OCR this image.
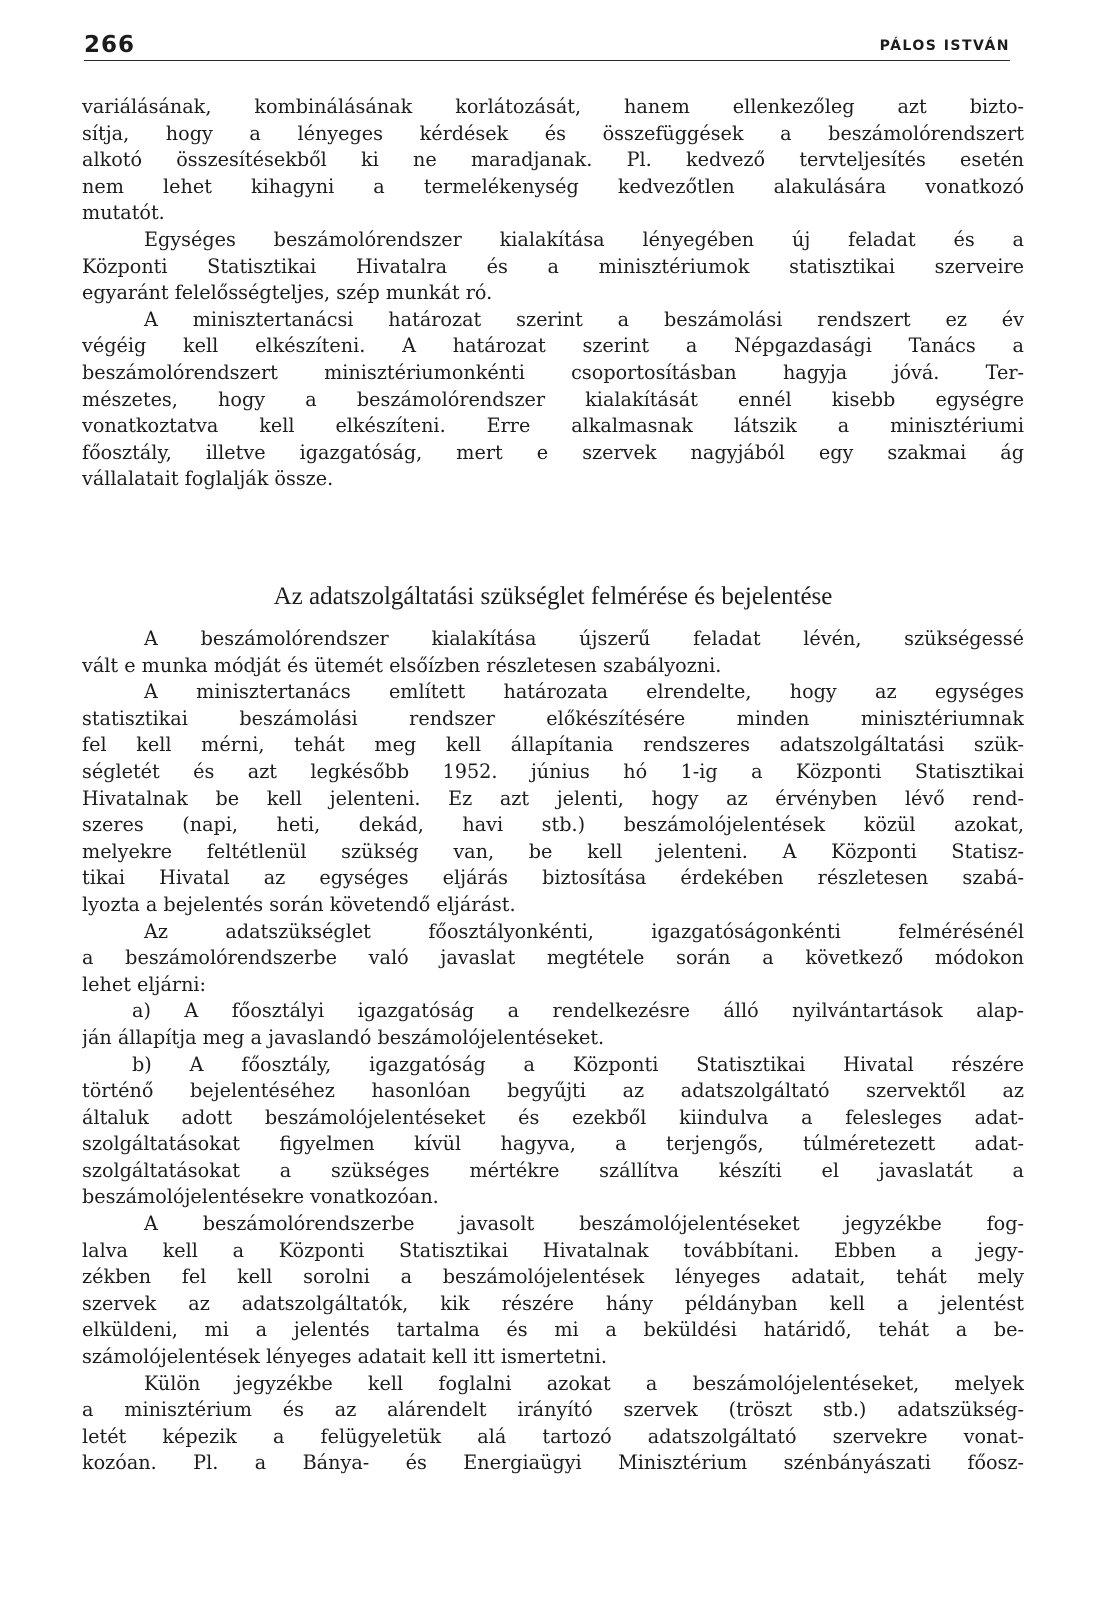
266	PÁLOS ISTVÁN
variálásának, kombinálásának korlátozását, hanem ellenkezőleg azt bizto-
sítja, hogy a lényeges kérdések és összefüggések a beszámolórendszert
alkotó összesítésekből ki ne maradjanak. Pl. kedvező tervteljesítés esetén
nem lehet kihagyni a termelékenység kedvezőtlen alakulására vonatkozó
mutatót.
Egységes beszámolórendszer kialakítása lényegében új feladat és a
Központi Statisztikai Hivatalra és a minisztériumok statisztikai szerveire
egyaránt felelősségteljes, szép munkát ró.
A minisztertanácsi határozat szerint a beszámolási rendszert ez év
végéig kell elkészíteni. A határozat szerint a Népgazdasági Tanács a
beszámolórendszert minisztériumonkénti csoportosításban hagyja jóvá. Ter-
mészetes, hogy a beszámolórendszer kialakítását ennél kisebb egységre
vonatkoztatva kell elkészíteni. Erre alkalmasnak látszik a minisztériumi
főosztály, illetve igazgatóság, mert e szervek nagyjából egy szakmai ág
vállalatait foglalják össze.
Az adatszolgáltatási szükséglet felmérése és bejelentése
A beszámolórendszer kialakítása újszerű feladat lévén, szükségessé
vált e munka módját és ütemét elsőízben részletesen szabályozni.
A minisztertanács említett határozata elrendelte, hogy az egységes
statisztikai beszámolási rendszer előkészítésére minden minisztériumnak
fel kell mérni, tehát meg kell állapítania rendszeres adatszolgáltatási szük-
ségletét és azt legkésőbb 1952. június hó 1-ig a Központi Statisztikai
Hivatalnak be kell jelenteni. Ez azt jelenti, hogy az érvényben lévő rend-
szeres (napi, heti, dekád, havi stb.) beszámolójelentések közül azokat,
melyekre feltétlenül szükség van, be kell jelenteni. A Központi Statisz-
tikai Hivatal az egységes eljárás biztosítása érdekében részletesen szabá-
lyozta a bejelentés során követendő eljárást.
Az adatszükséglet főosztályonkénti, igazgatóságonkénti felmérésénél
a beszámolórendszerbe való javaslat megtétele során a következő módokon
lehet eljárni:
a) A főosztályi igazgatóság a rendelkezésre álló nyilvántartások alap-
ján állapítja meg a javaslandó beszámolójelentéseket.
b) A főosztály, igazgatóság a Központi Statisztikai Hivatal részére
történő bejelentéséhez hasonlóan begyűjti az adatszolgáltató szervektől az
általuk adott beszámolójelentéseket és ezekből kiindulva a felesleges adat-
szolgáltatásokat figyelmen kívül hagyva, a terjengős, túlméretezett adat-
szolgáltatásokat a szükséges mértékre szállítva készíti el javaslatát a
beszámolójelentésekre vonatkozóan.
A beszámolórendszerbe javasolt beszámolójelentéseket jegyzékbe fog-
lalva kell a Központi Statisztikai Hivatalnak továbbítani. Ebben a jegy-
zékben fel kell sorolni a beszámolójelentések lényeges adatait, tehát mely
szervek az adatszolgáltatók, kik részére hány példányban kell a jelentést
elküldeni, mi a jelentés tartalma és mi a beküldési határidő, tehát a be-
számolójelentések lényeges adatait kell itt ismertetni.
Külön jegyzékbe kell foglalni azokat a beszámolójelentéseket, melyek
a minisztérium és az alárendelt irányító szervek (tröszt stb.) adatszükség-
letét képezik a felügyeletük alá tartozó adatszolgáltató szervekre vonat-
kozóan. Pl. a Bánya- és Energiaügyi Minisztérium szénbányászati főosz-
